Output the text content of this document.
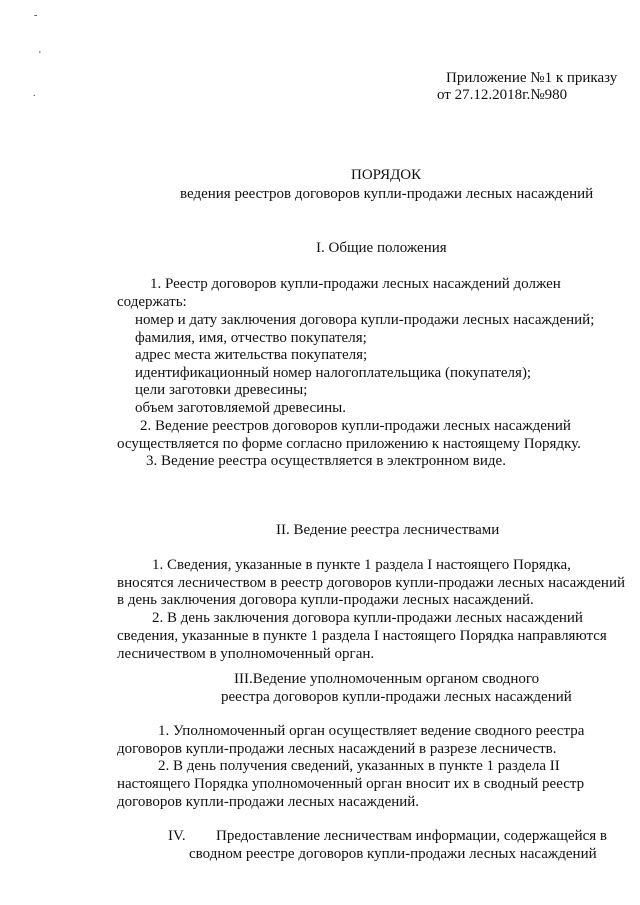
-
'
.
Приложение №1 к приказу
от 27.12.2018г.№980
ПОРЯДОК
ведения реестров договоров купли-продажи лесных насаждений
I. Общие положения
1. Реестр договоров купли-продажи лесных насаждений должен
содержать:
номер и дату заключения договора купли-продажи лесных насаждений;
фамилия, имя, отчество покупателя;
адрес места жительства покупателя;
идентификационный номер налогоплательщика (покупателя);
цели заготовки древесины;
объем заготовляемой древесины.
2. Ведение реестров договоров купли-продажи лесных насаждений
осуществляется по форме согласно приложению к настоящему Порядку.
3. Ведение реестра осуществляется в электронном виде.
II. Ведение реестра лесничествами
1. Сведения, указанные в пункте 1 раздела I настоящего Порядка,
вносятся лесничеством в реестр договоров купли-продажи лесных насаждений
в день заключения договора купли-продажи лесных насаждений.
2. В день заключения договора купли-продажи лесных насаждений
сведения, указанные в пункте 1 раздела I настоящего Порядка направляются
лесничеством в уполномоченный орган.
III.Ведение уполномоченным органом сводного
реестра договоров купли-продажи лесных насаждений
1. Уполномоченный орган осуществляет ведение сводного реестра
договоров купли-продажи лесных насаждений в разрезе лесничеств.
2. В день получения сведений, указанных в пункте 1 раздела II
настоящего Порядка уполномоченный орган вносит их в сводный реестр
договоров купли-продажи лесных насаждений.
IV. Предоставление лесничествам информации, содержащейся в
сводном реестре договоров купли-продажи лесных насаждений
